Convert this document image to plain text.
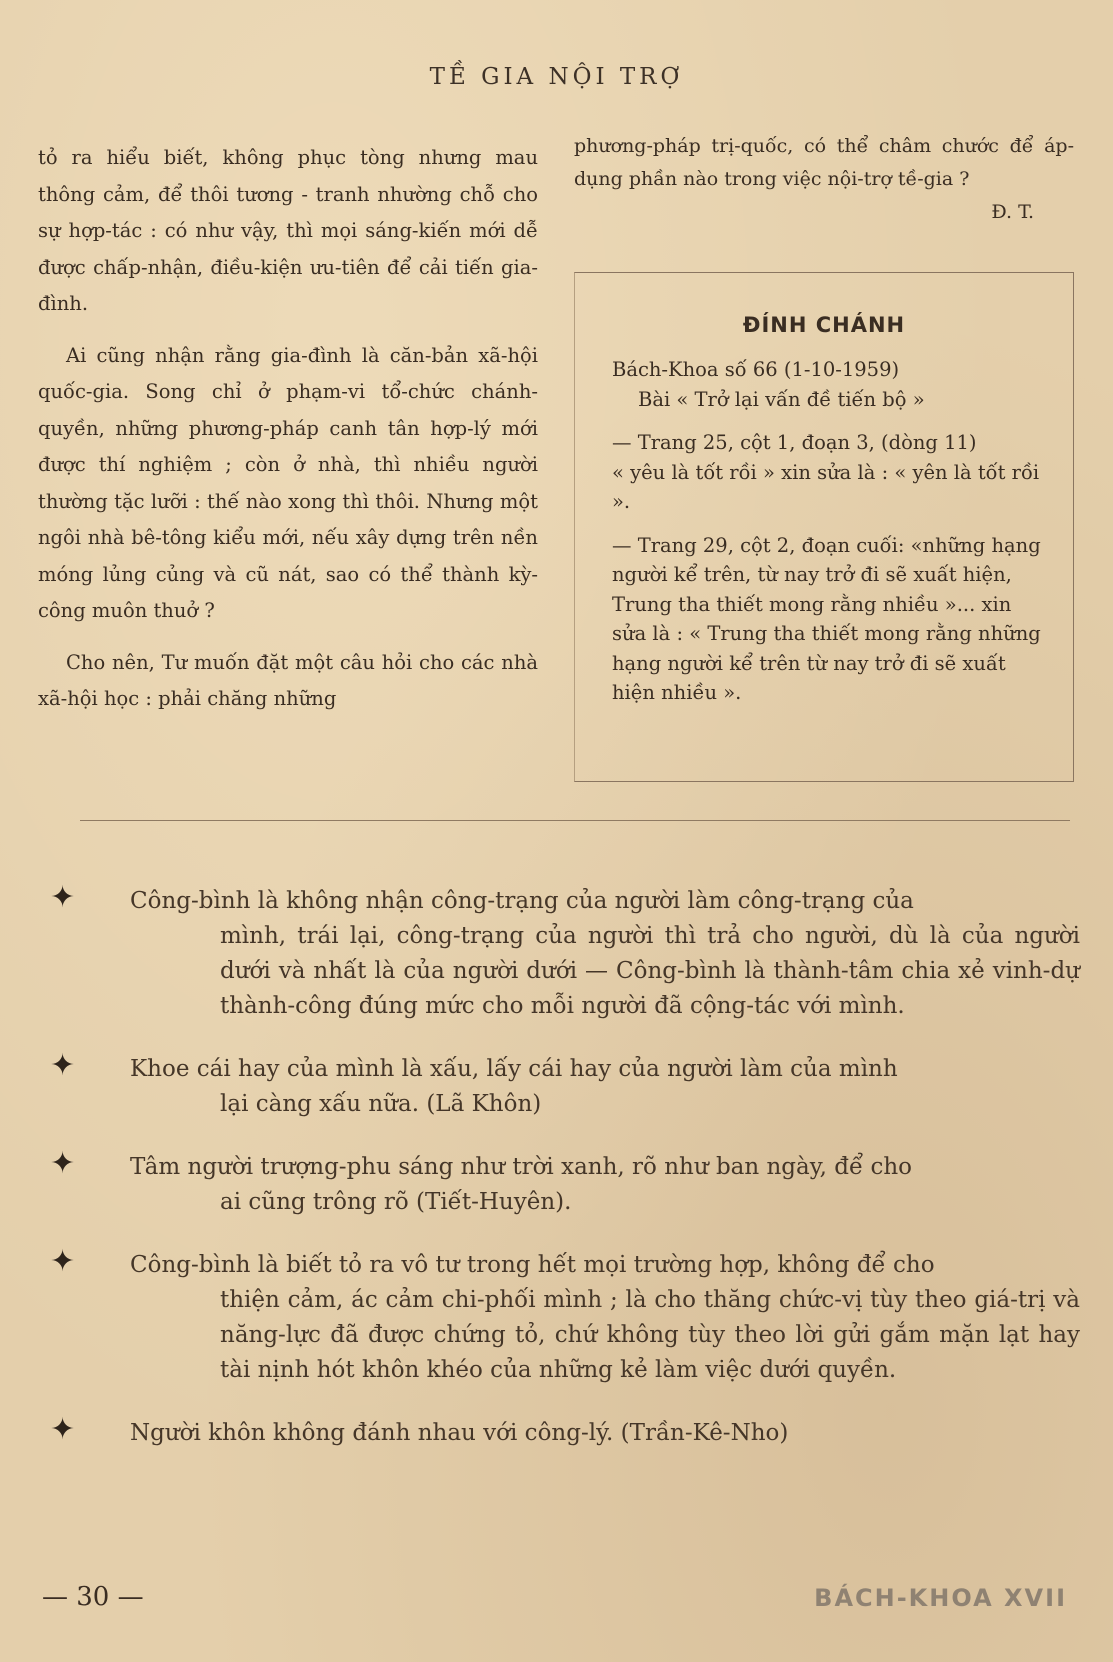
TỀ GIA NỘI TRỢ

tỏ ra hiểu biết, không phục tòng nhưng mau thông cảm, để thôi tương - tranh nhường chỗ cho sự hợp-tác : có như vậy, thì mọi sáng-kiến mới dễ được chấp-nhận, điều-kiện ưu-tiên để cải tiến gia-đình.

Ai cũng nhận rằng gia-đình là căn-bản xã-hội quốc-gia. Song chỉ ở phạm-vi tổ-chức chánh-quyền, những phương-pháp canh tân hợp-lý mới được thí nghiệm ; còn ở nhà, thì nhiều người thường tặc lưỡi : thế nào xong thì thôi. Nhưng một ngôi nhà bê-tông kiểu mới, nếu xây dựng trên nền móng lủng củng và cũ nát, sao có thể thành kỳ-công muôn thuở ?

Cho nên, Tư muốn đặt một câu hỏi cho các nhà xã-hội học : phải chăng những

phương-pháp trị-quốc, có thể châm chước để áp-dụng phần nào trong việc nội-trợ tề-gia ?

Đ. T.

ĐÍNH CHÁNH

Bách-Khoa số 66 (1-10-1959)

Bài « Trở lại vấn đề tiến bộ »

— Trang 25, cột 1, đoạn 3, (dòng 11)

« yêu là tốt rồi » xin sửa là : « yên là tốt rồi ».

— Trang 29, cột 2, đoạn cuối: «những hạng người kể trên, từ nay trở đi sẽ xuất hiện, Trung tha thiết mong rằng nhiều »... xin sửa là : « Trung tha thiết mong rằng những hạng người kể trên từ nay trở đi sẽ xuất hiện nhiều ».

✦ Công-bình là không nhận công-trạng của người làm công-trạng của
mình, trái lại, công-trạng của người thì trả cho người, dù là của người dưới và nhất là của người dưới — Công-bình là thành-tâm chia xẻ vinh-dự thành-công đúng mức cho mỗi người đã cộng-tác với mình.
✦ Khoe cái hay của mình là xấu, lấy cái hay của người làm của mình
lại càng xấu nữa. (Lã Khôn)
✦ Tâm người trượng-phu sáng như trời xanh, rõ như ban ngày, để cho
ai cũng trông rõ (Tiết-Huyên).
✦ Công-bình là biết tỏ ra vô tư trong hết mọi trường hợp, không để cho
thiện cảm, ác cảm chi-phối mình ; là cho thăng chức-vị tùy theo giá-trị và năng-lực đã được chứng tỏ, chứ không tùy theo lời gửi gắm mặn lạt hay tài nịnh hót khôn khéo của những kẻ làm việc dưới quyền.
✦ Người khôn không đánh nhau với công-lý. (Trần-Kê-Nho)
— 30 —	BÁCH-KHOA XVII
